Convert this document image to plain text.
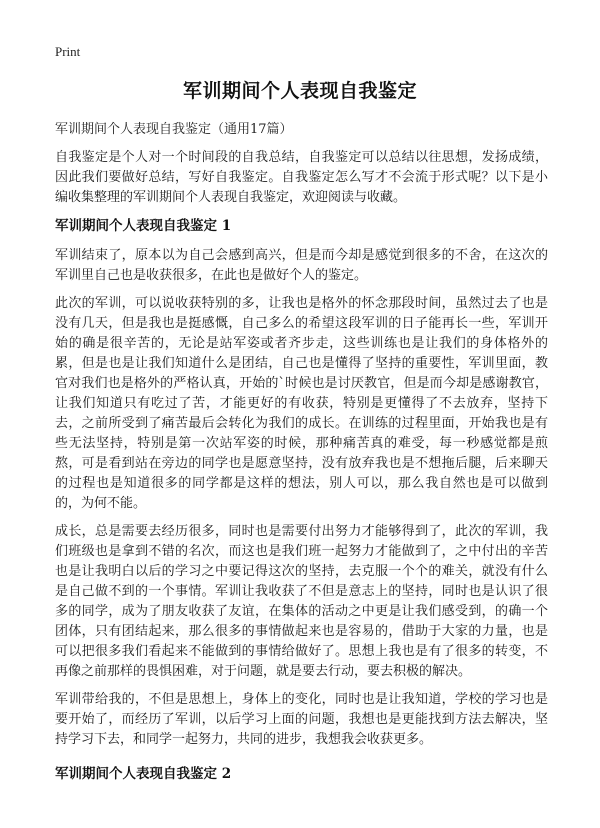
Print
军训期间个人表现自我鉴定

军训期间个人表现自我鉴定（通用17篇）

自我鉴定是个人对一个时间段的自我总结，自我鉴定可以总结以往思想，发扬成绩，因此我们要做好总结，写好自我鉴定。自我鉴定怎么写才不会流于形式呢？以下是小编收集整理的军训期间个人表现自我鉴定，欢迎阅读与收藏。

军训期间个人表现自我鉴定 1

军训结束了，原本以为自己会感到高兴，但是而今却是感觉到很多的不舍，在这次的军训里自己也是收获很多，在此也是做好个人的鉴定。

此次的军训，可以说收获特别的多，让我也是格外的怀念那段时间，虽然过去了也是没有几天，但是我也是挺感慨，自己多么的希望这段军训的日子能再长一些，军训开始的确是很辛苦的，无论是站军姿或者齐步走，这些训练也是让我们的身体格外的累，但是也是让我们知道什么是团结，自己也是懂得了坚持的重要性，军训里面，教官对我们也是格外的严格认真，开始的`时候也是讨厌教官，但是而今却是感谢教官，让我们知道只有吃过了苦，才能更好的有收获，特别是更懂得了不去放弃，坚持下去，之前所受到了痛苦最后会转化为我们的成长。在训练的过程里面，开始我也是有些无法坚持，特别是第一次站军姿的时候，那种痛苦真的难受，每一秒感觉都是煎熬，可是看到站在旁边的同学也是愿意坚持，没有放弃我也是不想拖后腿，后来聊天的过程也是知道很多的同学都是这样的想法，别人可以，那么我自然也是可以做到的，为何不能。

成长，总是需要去经历很多，同时也是需要付出努力才能够得到了，此次的军训，我们班级也是拿到不错的名次，而这也是我们班一起努力才能做到了，之中付出的辛苦也是让我明白以后的学习之中要记得这次的坚持，去克服一个个的难关，就没有什么是自己做不到的一个事情。军训让我收获了不但是意志上的坚持，同时也是认识了很多的同学，成为了朋友收获了友谊，在集体的活动之中更是让我们感受到，的确一个团体，只有团结起来，那么很多的事情做起来也是容易的，借助于大家的力量，也是可以把很多我们看起来不能做到的事情给做好了。思想上我也是有了很多的转变，不再像之前那样的畏惧困难，对于问题，就是要去行动，要去积极的解决。

军训带给我的，不但是思想上，身体上的变化，同时也是让我知道，学校的学习也是要开始了，而经历了军训，以后学习上面的问题，我想也是更能找到方法去解决，坚持学习下去，和同学一起努力，共同的进步，我想我会收获更多。

军训期间个人表现自我鉴定 2
